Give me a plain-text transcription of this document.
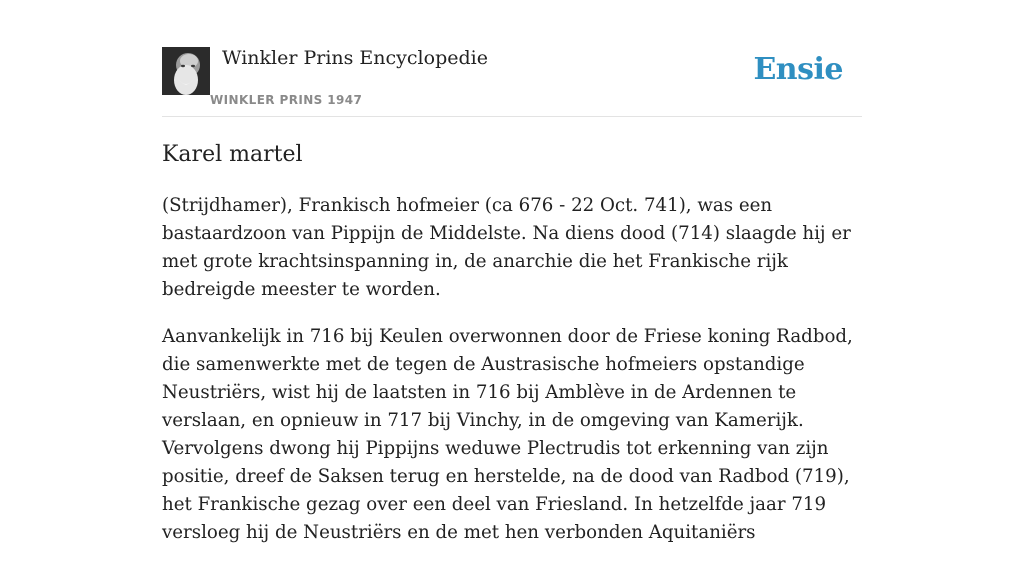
Winkler Prins Encyclopedie
WINKLER PRINS 1947
Ensie
Karel martel

(Strijdhamer), Frankisch hofmeier (ca 676 - 22 Oct. 741), was een bastaardzoon van Pippijn de Middelste. Na diens dood (714) slaagde hij er met grote krachtsinspanning in, de anarchie die het Frankische rijk bedreigde meester te worden.

Aanvankelijk in 716 bij Keulen overwonnen door de Friese koning Radbod, die samenwerkte met de tegen de Austrasische hofmeiers opstandige Neustriërs, wist hij de laatsten in 716 bij Amblève in de Ardennen te verslaan, en opnieuw in 717 bij Vinchy, in de omgeving van Kamerijk. Vervolgens dwong hij Pippijns weduwe Plectrudis tot erkenning van zijn positie, dreef de Saksen terug en herstelde, na de dood van Radbod (719), het Frankische gezag over een deel van Friesland. In hetzelfde jaar 719 versloeg hij de Neustriërs en de met hen verbonden Aquitaniërs
